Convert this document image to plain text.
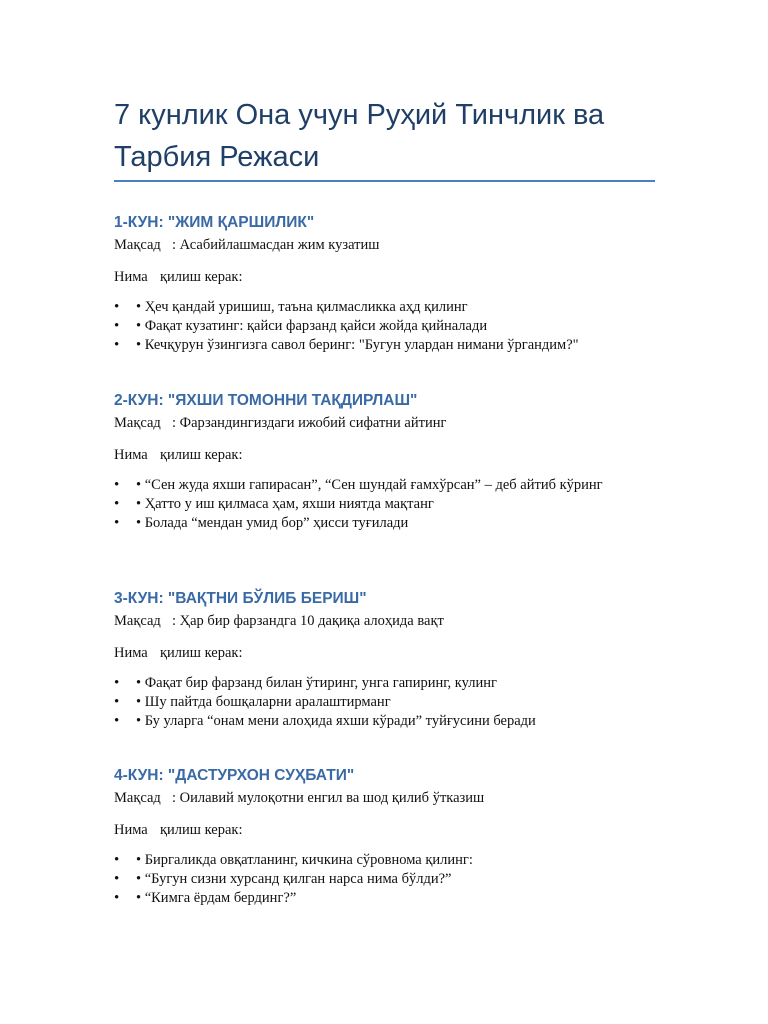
7 кунлик Она учун Руҳий Тинчлик ва Тарбия Режаси
1-КУН: "ЖИМ ҚАРШИЛИК"

Мақсад : Асабийлашмасдан жим кузатиш

Нима қилиш керак:

• • Ҳеч қандай уришиш, таъна қилмасликка аҳд қилинг
• • Фақат кузатинг: қайси фарзанд қайси жойда қийналади
• • Кечқурун ўзингизга савол беринг: "Бугун улардан нимани ўргандим?"
2-КУН: "ЯХШИ ТОМОННИ ТАҚДИРЛАШ"

Мақсад : Фарзандингиздаги ижобий сифатни айтинг

Нима қилиш керак:

• • “Сен жуда яхши гапирасан”, “Сен шундай ғамхўрсан” – деб айтиб кўринг
• • Ҳатто у иш қилмаса ҳам, яхши ниятда мақтанг
• • Болада “мендан умид бор” ҳисси туғилади
3-КУН: "ВАҚТНИ БЎЛИБ БЕРИШ"

Мақсад : Ҳар бир фарзандга 10 дақиқа алоҳида вақт

Нима қилиш керак:

• • Фақат бир фарзанд билан ўтиринг, унга гапиринг, кулинг
• • Шу пайтда бошқаларни аралаштирманг
• • Бу уларга “онам мени алоҳида яхши кўради” туйғусини беради
4-КУН: "ДАСТУРХОН СУҲБАТИ"

Мақсад : Оилавий мулоқотни енгил ва шод қилиб ўтказиш

Нима қилиш керак:

• • Биргаликда овқатланинг, кичкина сўровнома қилинг:
• • “Бугун сизни хурсанд қилган нарса нима бўлди?”
• • “Кимга ёрдам бердинг?”
